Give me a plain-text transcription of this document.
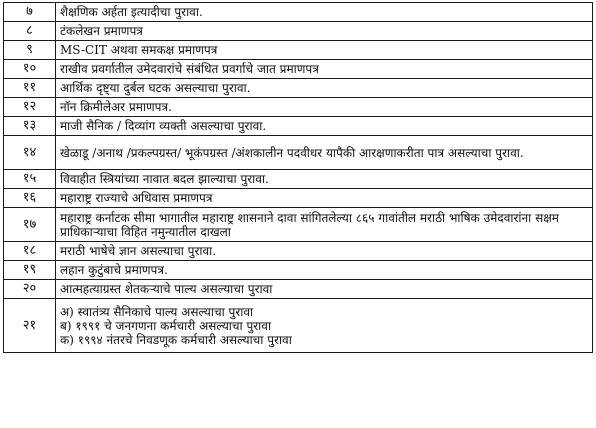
७	शैक्षणिक अर्हता इत्यादीचा पुरावा.
८	टंकलेखन प्रमाणपत्र
९	MS-CIT अथवा समकक्ष प्रमाणपत्र
१०	राखीव प्रवर्गातील उमेदवारांचे संबंधित प्रवर्गाचे जात प्रमाणपत्र
११	आर्थिक दृष्ट्या दुर्बल घटक असल्याचा पुरावा.
१२	नॉन क्रिमीलेअर प्रमाणपत्र.
१३	माजी सैनिक / दिव्यांग व्यक्ती असल्याचा पुरावा.
१४	खेळाडू /अनाथ /प्रकल्पग्रस्त/ भूकंपग्रस्त /अंशकालीन पदवीधर यापैकी आरक्षणाकरीता पात्र असल्याचा पुरावा.
१५	विवाहीत स्त्रियांच्या नावात बदल झाल्याचा पुरावा.
१६	महाराष्ट्र राज्याचे अधिवास प्रमाणपत्र
१७	महाराष्ट्र कर्नाटक सीमा भागातील महाराष्ट्र शासनाने दावा सांगितलेल्या ८६५ गावांतील मराठी भाषिक उमेदवारांना सक्षम प्राधिकाऱ्याचा विहित नमुन्यातील दाखला
१८	मराठी भाषेचे ज्ञान असल्याचा पुरावा.
१९	लहान कुटुंबाचे प्रमाणपत्र.
२०	आत्महत्याग्रस्त शेतकऱ्याचे पाल्य असल्याचा पुरावा
२१	अ) स्वातंत्र्य सैनिकाचे पाल्य असल्याचा पुरावा
ब) १९९१ चे जनगणना कर्मचारी असल्याचा पुरावा
क) १९९४ नंतरचे निवडणूक कर्मचारी असल्याचा पुरावा
